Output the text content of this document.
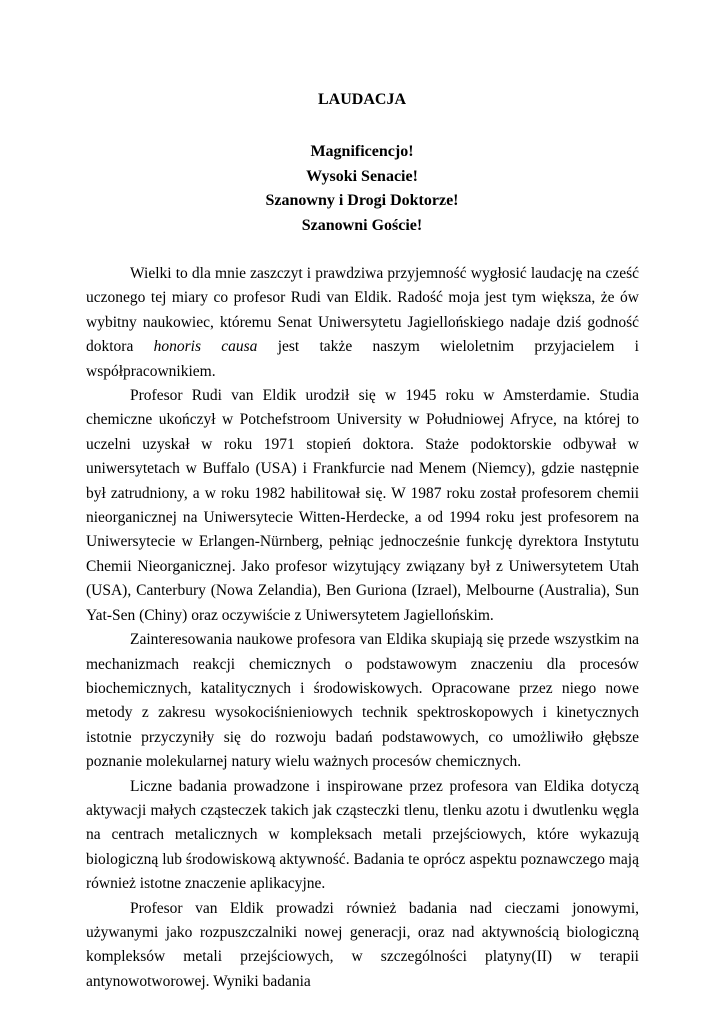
LAUDACJA
Magnificencjo!
Wysoki Senacie!
Szanowny i Drogi Doktorze!
Szanowni Goście!

Wielki to dla mnie zaszczyt i prawdziwa przyjemność wygłosić laudację na cześć uczonego tej miary co profesor Rudi van Eldik. Radość moja jest tym większa, że ów wybitny naukowiec, któremu Senat Uniwersytetu Jagiellońskiego nadaje dziś godność doktora honoris causa jest także naszym wieloletnim przyjacielem i współpracownikiem.

Profesor Rudi van Eldik urodził się w 1945 roku w Amsterdamie. Studia chemiczne ukończył w Potchefstroom University w Południowej Afryce, na której to uczelni uzyskał w roku 1971 stopień doktora. Staże podoktorskie odbywał w uniwersytetach w Buffalo (USA) i Frankfurcie nad Menem (Niemcy), gdzie następnie był zatrudniony, a w roku 1982 habilitował się. W 1987 roku został profesorem chemii nieorganicznej na Uniwersytecie Witten-Herdecke, a od 1994 roku jest profesorem na Uniwersytecie w Erlangen-Nürnberg, pełniąc jednocześnie funkcję dyrektora Instytutu Chemii Nieorganicznej. Jako profesor wizytujący związany był z Uniwersytetem Utah (USA), Canterbury (Nowa Zelandia), Ben Guriona (Izrael), Melbourne (Australia), Sun Yat-Sen (Chiny) oraz oczywiście z Uniwersytetem Jagiellońskim.

Zainteresowania naukowe profesora van Eldika skupiają się przede wszystkim na mechanizmach reakcji chemicznych o podstawowym znaczeniu dla procesów biochemicznych, katalitycznych i środowiskowych. Opracowane przez niego nowe metody z zakresu wysokociśnieniowych technik spektroskopowych i kinetycznych istotnie przyczyniły się do rozwoju badań podstawowych, co umożliwiło głębsze poznanie molekularnej natury wielu ważnych procesów chemicznych.

Liczne badania prowadzone i inspirowane przez profesora van Eldika dotyczą aktywacji małych cząsteczek takich jak cząsteczki tlenu, tlenku azotu i dwutlenku węgla na centrach metalicznych w kompleksach metali przejściowych, które wykazują biologiczną lub środowiskową aktywność. Badania te oprócz aspektu poznawczego mają również istotne znaczenie aplikacyjne.

Profesor van Eldik prowadzi również badania nad cieczami jonowymi, używanymi jako rozpuszczalniki nowej generacji, oraz nad aktywnością biologiczną kompleksów metali przejściowych, w szczególności platyny(II) w terapii antynowotworowej. Wyniki badania
